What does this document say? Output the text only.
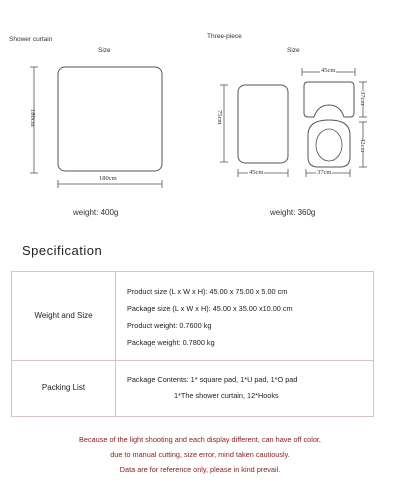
Shower curtain	Three-piece
Size	Size
180cm
180cm
75cm
45cm
45cm
37cm
42cm
37cm
weight: 400g	weight: 360g
Specification
Weight and Size
Product size (L x W x H): 45.00 x 75.00 x 5.00 cm
Package size (L x W x H): 45.00 x 35.00 x10.00 cm
Product weight: 0.7600 kg
Package weight: 0.7800 kg
Packing List
Package Contents: 1* square pad, 1*U pad, 1*O pad
1*The shower curtain, 12*Hooks
Because of the light shooting and each display different, can have off color,
due to manual cutting, size error, mind taken cautiously.
Data are for reference only, please in kind prevail.
